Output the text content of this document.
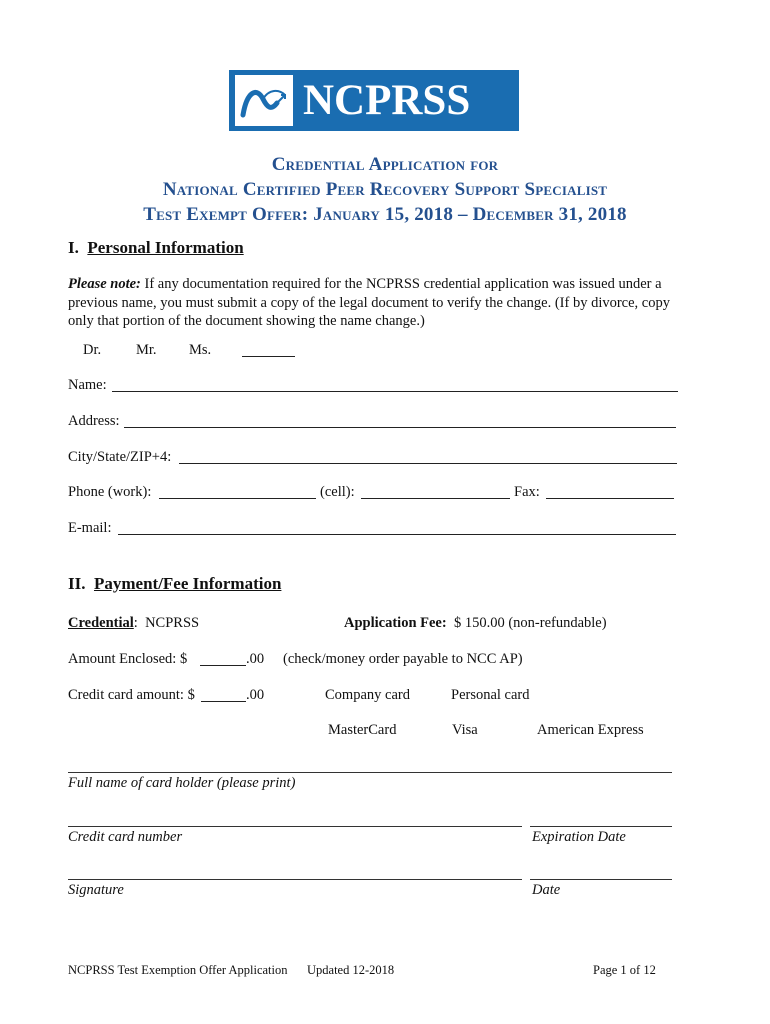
NCPRSS
Credential Application for
National Certified Peer Recovery Support Specialist
Test Exempt Offer: January 15, 2018 – December 31, 2018
I. Personal Information
Please note: If any documentation required for the NCPRSS credential application was issued under a previous name, you must submit a copy of the legal document to verify the change. (If by divorce, copy only that portion of the document showing the name change.)
Dr. Mr. Ms.
Name:
Address:
City/State/ZIP+4:
Phone (work):	(cell):	Fax:
E-mail:
II. Payment/Fee Information
Credential:  NCPRSS	Application Fee: $ 150.00 (non-refundable)
Amount Enclosed: $	.00 (check/money order payable to NCC AP)
Credit card amount: $	.00	Company card	Personal card
MasterCard	Visa	American Express
Full name of card holder (please print)
Credit card number	Expiration Date
Signature	Date
NCPRSS Test Exemption Offer Application Updated 12-2018	Page 1 of 12
